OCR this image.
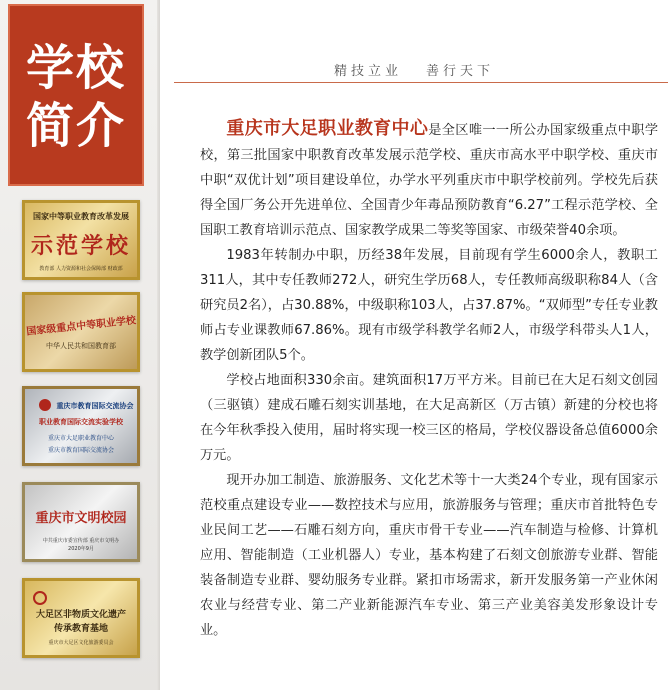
学校
简介
国家中等职业教育改革发展
示范学校
教育部 人力资源和社会保障部 财政部
国家级重点中等职业学校
中华人民共和国教育部
重庆市教育国际交流协会
职业教育国际交流实验学校
重庆市大足职业教育中心
重庆市教育国际交流协会
重庆市文明校园
中共重庆市委宣传部 重庆市文明办
2020年9月
大足区非物质文化遗产
传承教育基地
重庆市大足区文化旅游委员会
精技立业 善行天下

重庆市大足职业教育中心是全区唯一一所公办国家级重点中职学校，第三批国家中职教育改革发展示范学校、重庆市高水平中职学校、重庆市中职“双优计划”项目建设单位，办学水平列重庆市中职学校前列。学校先后获得全国厂务公开先进单位、全国青少年毒品预防教育“6.27”工程示范学校、全国职工教育培训示范点、国家教学成果二等奖等国家、市级荣誉40余项。

1983年转制办中职，历经38年发展，目前现有学生6000余人，教职工311人，其中专任教师272人，研究生学历68人，专任教师高级职称84人（含研究员2名），占30.88%，中级职称103人，占37.87%。“双师型”专任专业教师占专业课教师67.86%。现有市级学科教学名师2人，市级学科带头人1人，教学创新团队5个。

学校占地面积330余亩。建筑面积17万平方米。目前已在大足石刻文创园（三驱镇）建成石雕石刻实训基地，在大足高新区（万古镇）新建的分校也将在今年秋季投入使用，届时将实现一校三区的格局，学校仪器设备总值6000余万元。

现开办加工制造、旅游服务、文化艺术等十一大类24个专业，现有国家示范校重点建设专业——数控技术与应用，旅游服务与管理；重庆市首批特色专业民间工艺——石雕石刻方向，重庆市骨干专业——汽车制造与检修、计算机应用、智能制造（工业机器人）专业，基本构建了石刻文创旅游专业群、智能装备制造专业群、婴幼服务专业群。紧扣市场需求，新开发服务第一产业休闲农业与经营专业、第二产业新能源汽车专业、第三产业美容美发形象设计专业。
